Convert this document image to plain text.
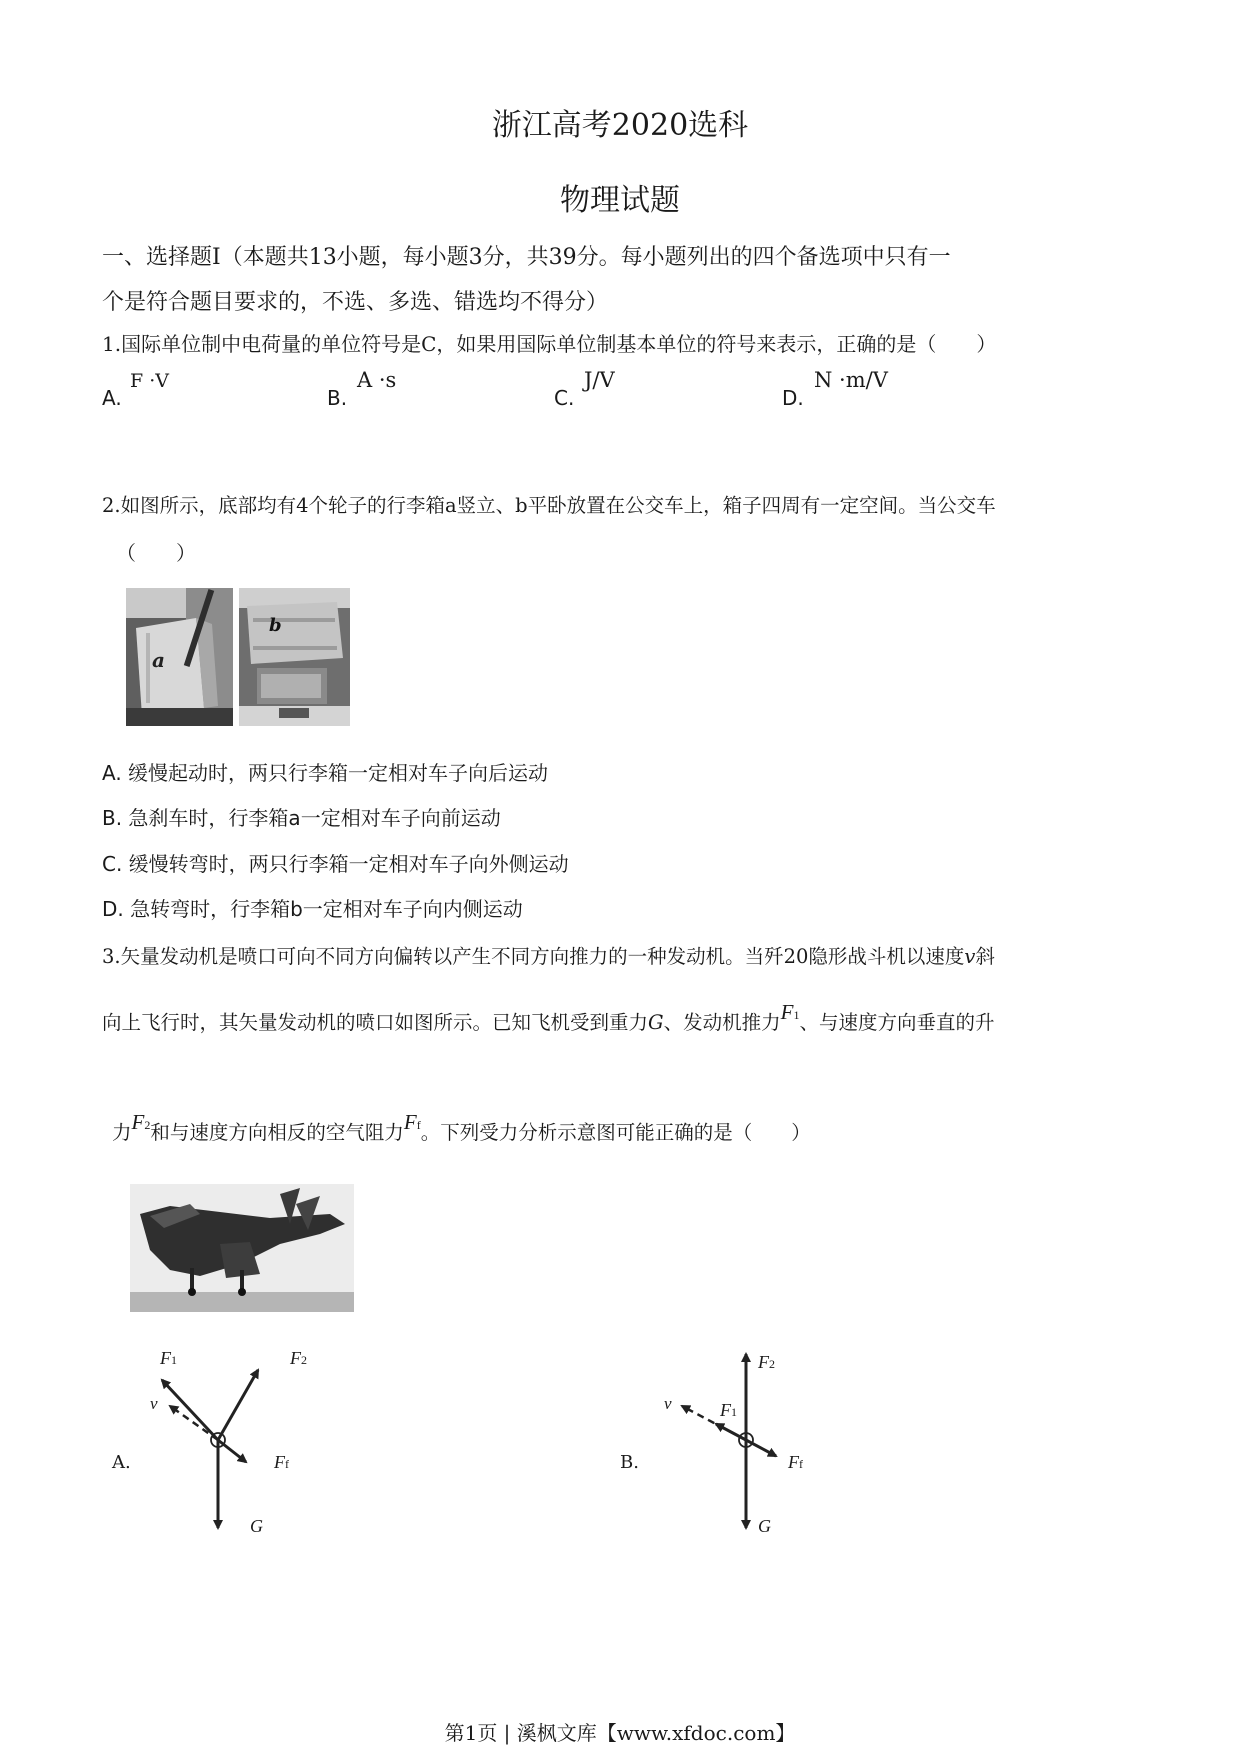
浙江高考2020选科
物理试题
一、选择题Ⅰ（本题共13小题，每小题3分，共39分。每小题列出的四个备选项中只有一
个是符合题目要求的，不选、多选、错选均不得分）
1.国际单位制中电荷量的单位符号是C，如果用国际单位制基本单位的符号来表示，正确的是（　　）
A.
F ·V
B.
A ·s
C.
J/V
D.
N ·m/V
2.如图所示，底部均有4个轮子的行李箱a竖立、b平卧放置在公交车上，箱子四周有一定空间。当公交车
（　　）
a
b
A. 缓慢起动时，两只行李箱一定相对车子向后运动
B. 急刹车时，行李箱a一定相对车子向前运动
C. 缓慢转弯时，两只行李箱一定相对车子向外侧运动
D. 急转弯时，行李箱b一定相对车子向内侧运动
3.矢量发动机是喷口可向不同方向偏转以产生不同方向推力的一种发动机。当歼20隐形战斗机以速度v斜
向上飞行时，其矢量发动机的喷口如图所示。已知飞机受到重力G、发动机推力F1、与速度方向垂直的升
力F2和与速度方向相反的空气阻力Ff。下列受力分析示意图可能正确的是（　　）
A.
F1	F2
v
Ff
G
B.
F2
F1
v
Ff
G
第1页 | 溪枫文库【www.xfdoc.com】
